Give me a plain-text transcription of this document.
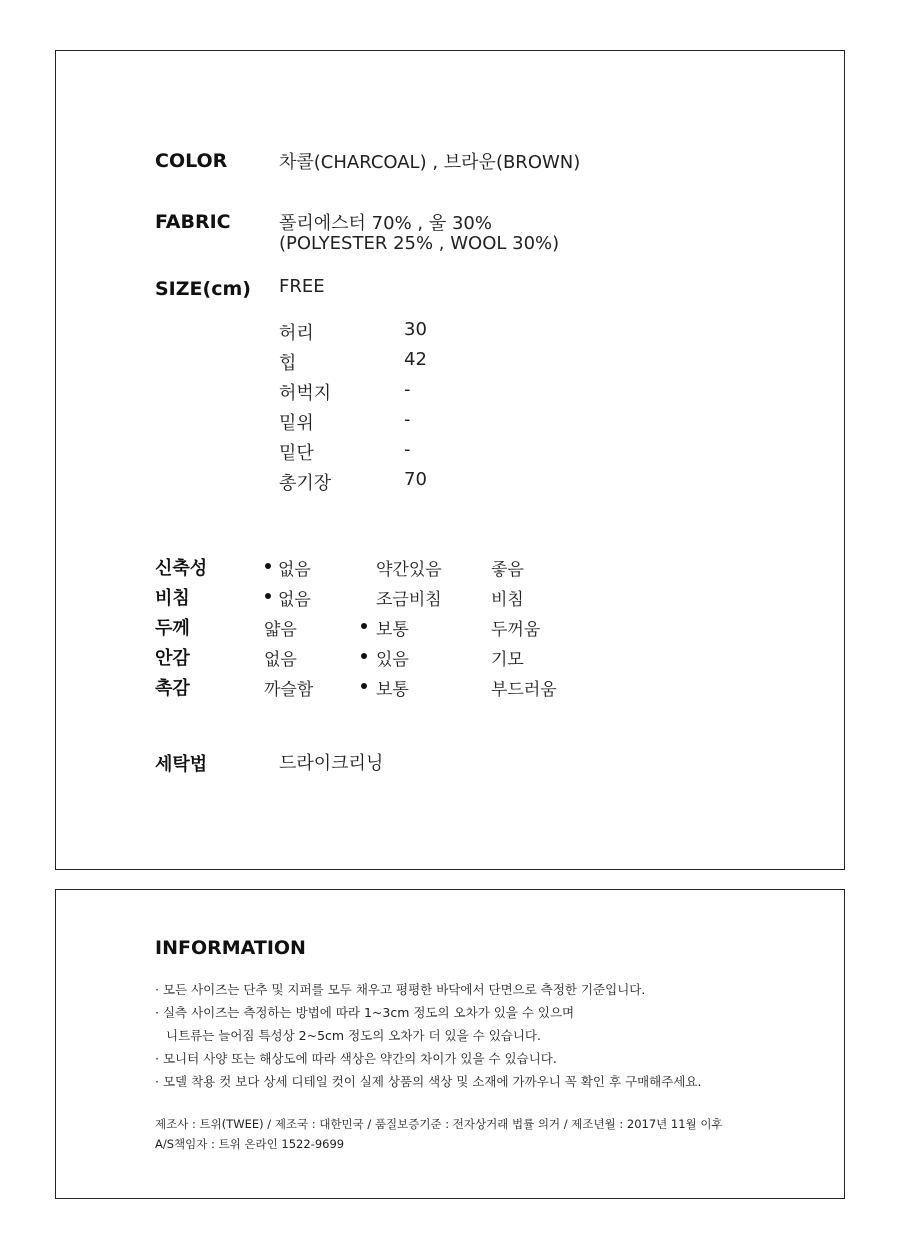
COLOR	차콜(CHARCOAL) , 브라운(BROWN)
FABRIC	폴리에스터 70% , 울 30%
(POLYESTER 25% , WOOL 30%)
SIZE(cm) FREE
허리	30
힙	42
허벅지	-
밑위	-
밑단	-
총기장	70
신축성	없음	약간있음	좋음
비침	없음	조금비침	비침
두께	얇음	보통	두꺼움
안감	없음	있음	기모
촉감	까슬함	보통	부드러움
세탁법	드라이크리닝
INFORMATION
· 모든 사이즈는 단추 및 지퍼를 모두 채우고 평평한 바닥에서 단면으로 측정한 기준입니다.
· 실측 사이즈는 측정하는 방법에 따라 1~3cm 정도의 오차가 있을 수 있으며
니트류는 늘어짐 특성상 2~5cm 정도의 오차가 더 있을 수 있습니다.
· 모니터 사양 또는 해상도에 따라 색상은 약간의 차이가 있을 수 있습니다.
· 모델 착용 컷 보다 상세 디테일 컷이 실제 상품의 색상 및 소재에 가까우니 꼭 확인 후 구매해주세요.
제조사 : 트위(TWEE) / 제조국 : 대한민국 / 품질보증기준 : 전자상거래 법률 의거 / 제조년월 : 2017년 11월 이후
A/S책임자 : 트위 온라인 1522-9699
